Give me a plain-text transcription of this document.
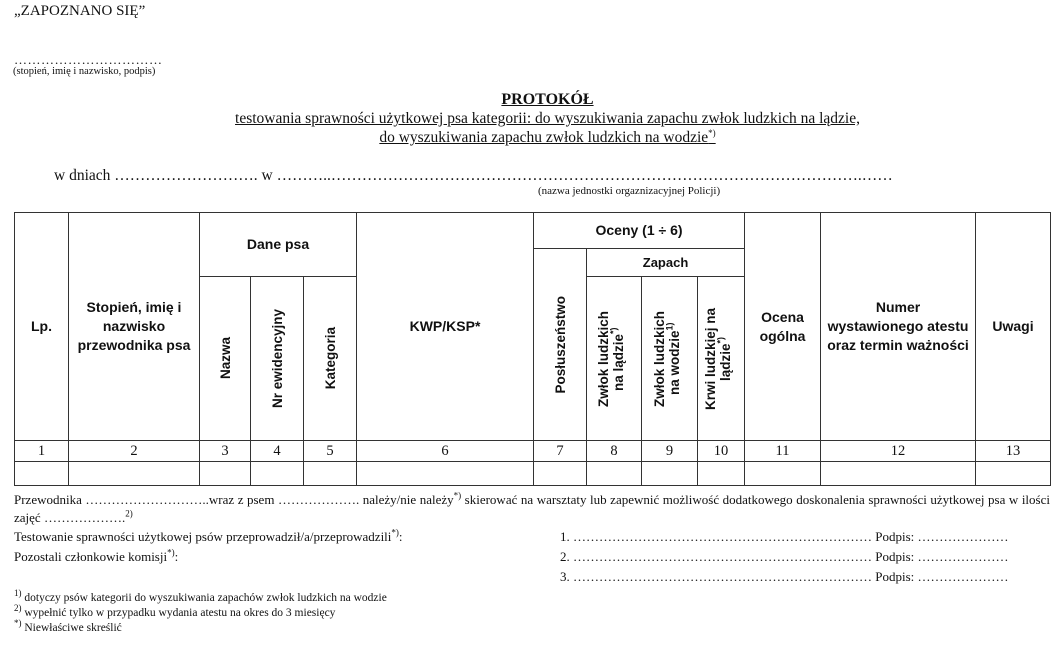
„ZAPOZNANO SIĘ”
……………………………
(stopień, imię i nazwisko, podpis)
PROTOKÓŁ
testowania sprawności użytkowej psa kategorii: do wyszukiwania zapachu zwłok ludzkich na lądzie,
do wyszukiwania zapachu zwłok ludzkich na wodzie*)
w dniach ………………………. w ………..………………………………………………………………………………………….……
(nazwa jednostki orgaznizacyjnej Policji)
Lp.	Stopień, imię i nazwisko przewodnika psa	Dane psa			KWP/KSP*	Oceny (1 ÷ 6)				Ocena ogólna	Numer wystawionego atestu oraz termin ważności	Uwagi

						Posłuszeństwo	Zapach					

		Nazwa	Nr ewidencyjny	Kategoria			Zwłok ludzkich na lądzie*)	Zwłok ludzkich na wodzie$^{1)}$	Krwi ludzkiej na lądzie*)

1	2	3	4	5	6	7	8	9	10	11	12	13

Przewodnika ………………………..wraz z psem ………………. należy/nie należy*) skierować na warsztaty lub zapewnić możliwość dodatkowego doskonalenia sprawności użytkowej psa w ilości zajęć ……………….$^{2)}$
Testowanie sprawności użytkowej psów przeprowadził/a/przeprowadzili*):
Pozostali członkowie komisji*):
1. …………………………………………………………… Podpis: …………………
2. …………………………………………………………… Podpis: …………………
3. …………………………………………………………… Podpis: …………………
$^{1)}$ dotyczy psów kategorii do wyszukiwania zapachów zwłok ludzkich na wodzie
$^{2)}$ wypełnić tylko w przypadku wydania atestu na okres do 3 miesięcy
*) Niewłaściwe skreślić
